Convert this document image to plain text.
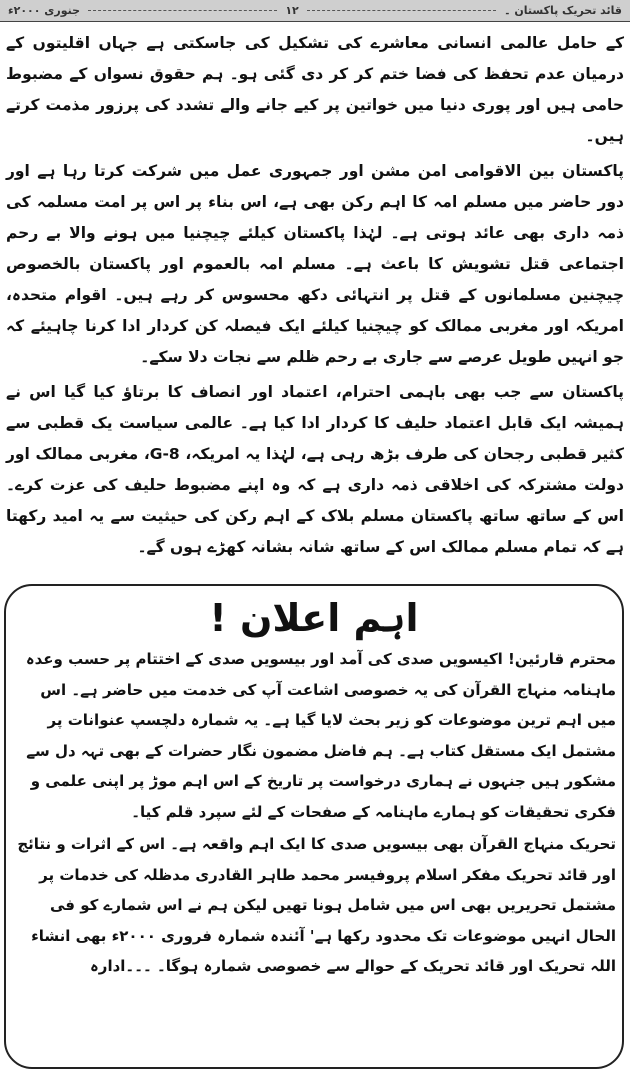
قائد تحریک پاکستان ۔
۱۲
جنوری ۲۰۰۰ء

کے حامل عالمی انسانی معاشرے کی تشکیل کی جاسکتی ہے جہاں اقلیتوں کے درمیان عدم تحفظ کی فضا ختم کر کر دی گئی ہو۔ ہم حقوق نسواں کے مضبوط حامی ہیں اور پوری دنیا میں خواتین پر کیے جانے والے تشدد کی پرزور مذمت کرتے ہیں۔

پاکستان بین الاقوامی امن مشن اور جمہوری عمل میں شرکت کرتا رہا ہے اور دور حاضر میں مسلم امہ کا اہم رکن بھی ہے، اس بناء پر اس پر امت مسلمہ کی ذمہ داری بھی عائد ہوتی ہے۔ لہٰذا پاکستان کیلئے چیچنیا میں ہونے والا بے رحم اجتماعی قتل تشویش کا باعث ہے۔ مسلم امہ بالعموم اور پاکستان بالخصوص چیچنین مسلمانوں کے قتل پر انتہائی دکھ محسوس کر رہے ہیں۔ اقوام متحدہ، امریکہ اور مغربی ممالک کو چیچنیا کیلئے ایک فیصلہ کن کردار ادا کرنا چاہیئے کہ جو انہیں طویل عرصے سے جاری بے رحم ظلم سے نجات دلا سکے۔

پاکستان سے جب بھی باہمی احترام، اعتماد اور انصاف کا برتاؤ کیا گیا اس نے ہمیشہ ایک قابل اعتماد حلیف کا کردار ادا کیا ہے۔ عالمی سیاست یک قطبی سے کثیر قطبی رجحان کی طرف بڑھ رہی ہے، لہٰذا یہ امریکہ، G-8، مغربی ممالک اور دولت مشترکہ کی اخلاقی ذمہ داری ہے کہ وہ اپنے مضبوط حلیف کی عزت کرے۔ اس کے ساتھ ساتھ پاکستان مسلم بلاک کے اہم رکن کی حیثیت سے یہ امید رکھتا ہے کہ تمام مسلم ممالک اس کے ساتھ شانہ بشانہ کھڑے ہوں گے۔

اہم اعلان !

محترم قارئین! اکیسویں صدی کی آمد اور بیسویں صدی کے اختتام پر حسب وعدہ ماہنامہ منہاج القرآن کی یہ خصوصی اشاعت آپ کی خدمت میں حاضر ہے۔ اس میں اہم ترین موضوعات کو زیر بحث لایا گیا ہے۔ یہ شمارہ دلچسپ عنوانات پر مشتمل ایک مستقل کتاب ہے۔ ہم فاضل مضمون نگار حضرات کے بھی تہہ دل سے مشکور ہیں جنہوں نے ہماری درخواست پر تاریخ کے اس اہم موڑ پر اپنی علمی و فکری تحقیقات کو ہمارے ماہنامہ کے صفحات کے لئے سپرد قلم کیا۔

تحریک منہاج القرآن بھی بیسویں صدی کا ایک اہم واقعہ ہے۔ اس کے اثرات و نتائج اور قائد تحریک مفکر اسلام پروفیسر محمد طاہر القادری مدظلہ کی خدمات پر مشتمل تحریریں بھی اس میں شامل ہونا تھیں لیکن ہم نے اس شمارے کو فی الحال انہیں موضوعات تک محدود رکھا ہے' آئندہ شمارہ فروری ۲۰۰۰ء بھی انشاء اللہ تحریک اور قائد تحریک کے حوالے سے خصوصی شمارہ ہوگا۔ ۔۔۔ادارہ
